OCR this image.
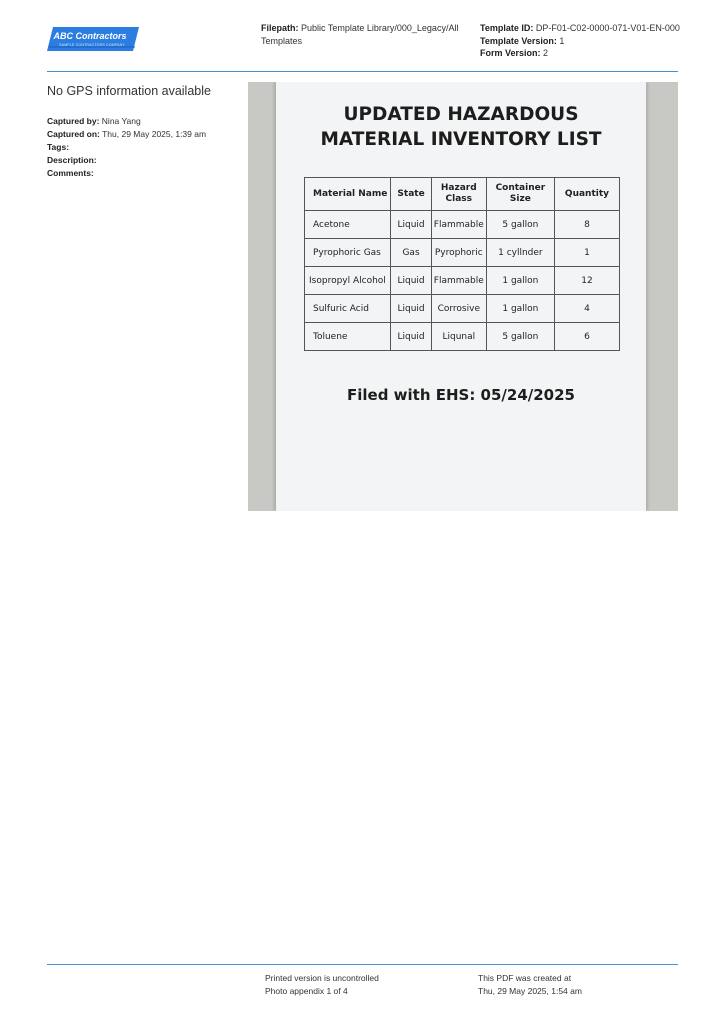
ABC Contractors
SAMPLE CONTRACTORS COMPANY
Filepath: Public Template Library/000_Legacy/All Templates
Template ID: DP-F01-C02-0000-071-V01-EN-000
Template Version: 1
Form Version: 2
No GPS information available
Captured by: Nina Yang
Captured on: Thu, 29 May 2025, 1:39 am
Tags:
Description:
Comments:
UPDATED HAZARDOUS
MATERIAL INVENTORY LIST
Material Name	State	Hazard Class	Container Size	Quantity
Acetone	Liquid	Flammable	5 gallon	8
Pyrophoric Gas	Gas	Pyrophoric	1 cyllnder	1
Isopropyl Alcohol	Liquid	Flammable	1 gallon	12
Sulfuric Acid	Liquid	Corrosive	1 gallon	4
Toluene	Liquid	Liqunal	5 gallon	6
Filed with EHS: 05/24/2025
Printed version is uncontrolled
Photo appendix 1 of 4
This PDF was created at
Thu, 29 May 2025, 1:54 am
